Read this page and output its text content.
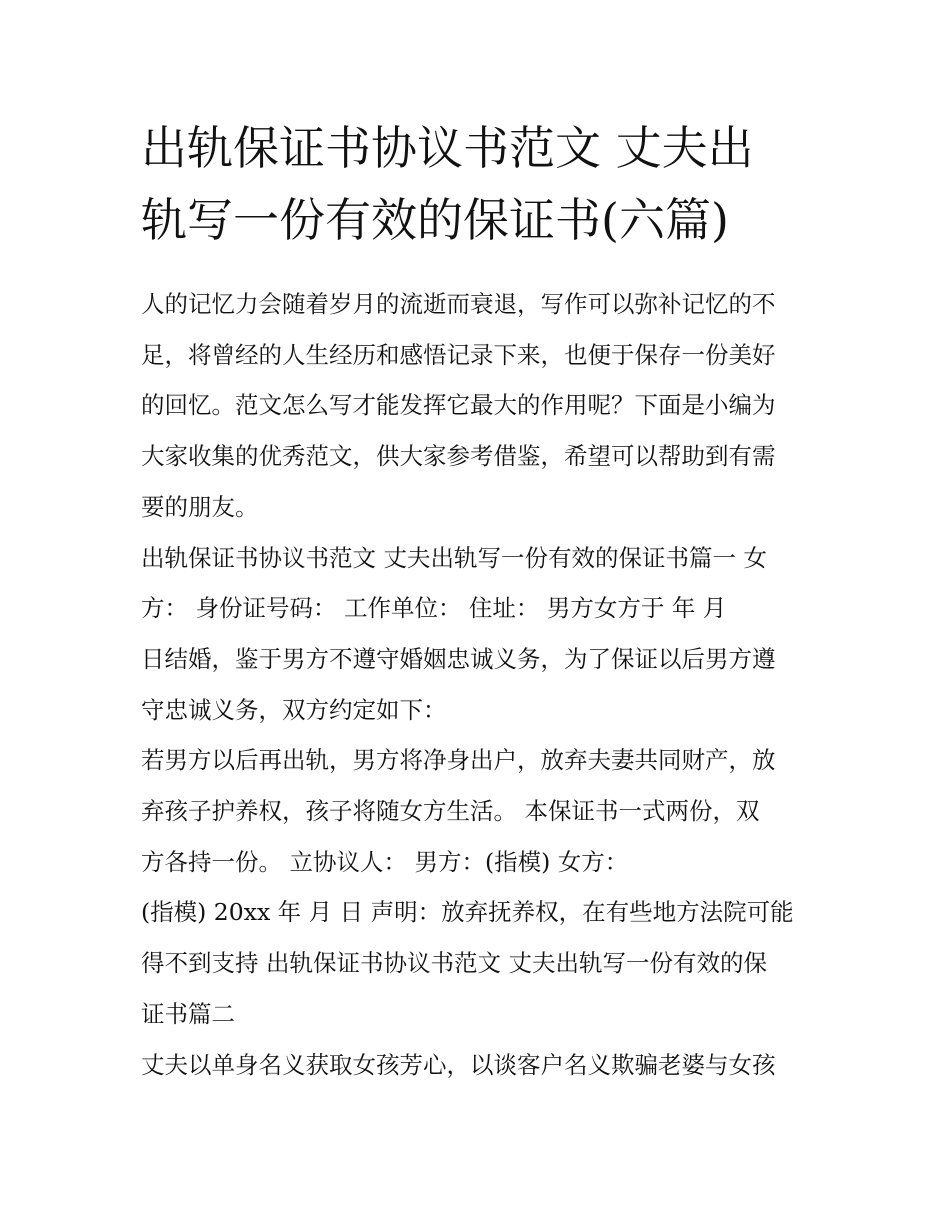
出轨保证书协议书范文 丈夫出
轨写一份有效的保证书(六篇)
人的记忆力会随着岁月的流逝而衰退，写作可以弥补记忆的不
足，将曾经的人生经历和感悟记录下来，也便于保存一份美好
的回忆。范文怎么写才能发挥它最大的作用呢？下面是小编为
大家收集的优秀范文，供大家参考借鉴，希望可以帮助到有需
要的朋友。
出轨保证书协议书范文 丈夫出轨写一份有效的保证书篇一 女
方： 身份证号码： 工作单位： 住址： 男方女方于 年 月
日结婚，鉴于男方不遵守婚姻忠诚义务，为了保证以后男方遵
守忠诚义务，双方约定如下：
若男方以后再出轨，男方将净身出户，放弃夫妻共同财产，放
弃孩子护养权，孩子将随女方生活。 本保证书一式两份，双
方各持一份。 立协议人： 男方：(指模) 女方：
(指模) 20xx 年 月 日 声明：放弃抚养权，在有些地方法院可能
得不到支持 出轨保证书协议书范文 丈夫出轨写一份有效的保
证书篇二
丈夫以单身名义获取女孩芳心，以谈客户名义欺骗老婆与女孩
